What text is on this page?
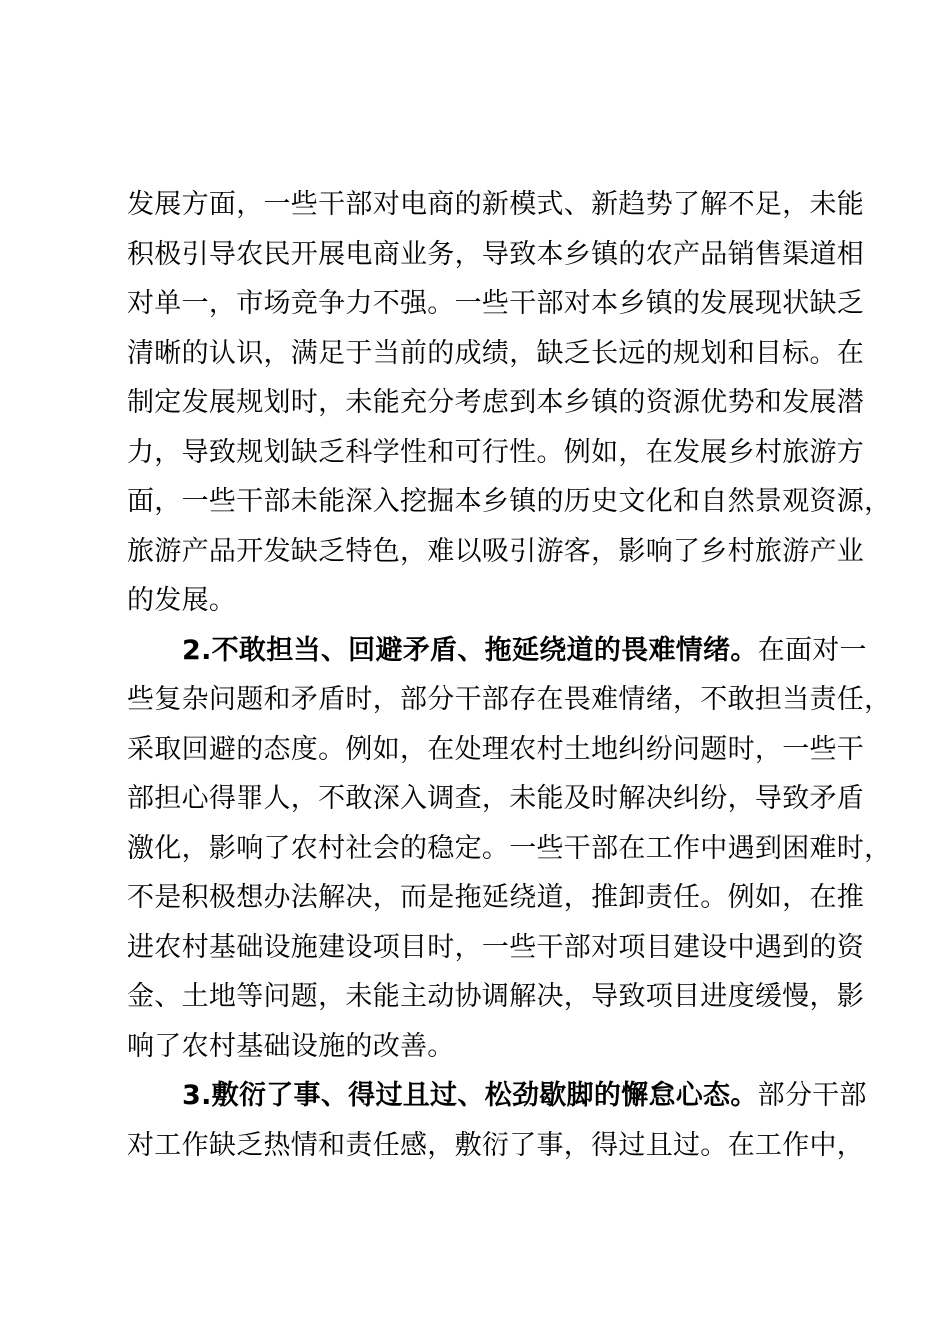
发展方面，一些干部对电商的新模式、新趋势了解不足，未能
积极引导农民开展电商业务，导致本乡镇的农产品销售渠道相
对单一，市场竞争力不强。一些干部对本乡镇的发展现状缺乏
清晰的认识，满足于当前的成绩，缺乏长远的规划和目标。在
制定发展规划时，未能充分考虑到本乡镇的资源优势和发展潜
力，导致规划缺乏科学性和可行性。例如，在发展乡村旅游方
面，一些干部未能深入挖掘本乡镇的历史文化和自然景观资源，
旅游产品开发缺乏特色，难以吸引游客，影响了乡村旅游产业
的发展。
2.不敢担当、回避矛盾、拖延绕道的畏难情绪。在面对一
些复杂问题和矛盾时，部分干部存在畏难情绪，不敢担当责任，
采取回避的态度。例如，在处理农村土地纠纷问题时，一些干
部担心得罪人，不敢深入调查，未能及时解决纠纷，导致矛盾
激化，影响了农村社会的稳定。一些干部在工作中遇到困难时，
不是积极想办法解决，而是拖延绕道，推卸责任。例如，在推
进农村基础设施建设项目时，一些干部对项目建设中遇到的资
金、土地等问题，未能主动协调解决，导致项目进度缓慢，影
响了农村基础设施的改善。
3.敷衍了事、得过且过、松劲歇脚的懈怠心态。部分干部
对工作缺乏热情和责任感，敷衍了事，得过且过。在工作中，
